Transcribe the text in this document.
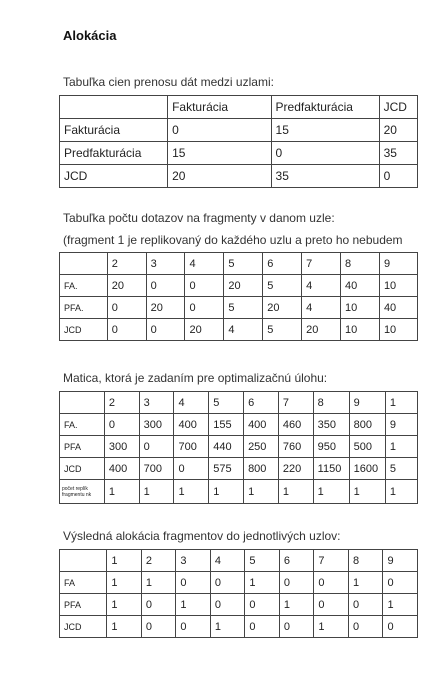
Alokácia

Tabuľka cien prenosu dát medzi uzlami:

	Fakturácia	Predfakturácia	JCD
Fakturácia	0	15	20
Predfakturácia	15	0	35
JCD	20	35	0

Tabuľka počtu dotazov na fragmenty v danom uzle:

(fragment 1 je replikovaný do každého uzlu a preto ho nebudem

	2	3	4	5	6	7	8	9
FA.	20	0	0	20	5	4	40	10
PFA.	0	20	0	5	20	4	10	40
JCD	0	0	20	4	5	20	10	10

Matica, ktorá je zadaním pre optimalizačnú úlohu:

	2	3	4	5	6	7	8	9	1
FA.	0	300	400	155	400	460	350	800	9
PFA	300	0	700	440	250	760	950	500	1
JCD	400	700	0	575	800	220	1150	1600	5
počet replík fragmentu nk	1	1	1	1	1	1	1	1	1

Výsledná alokácia fragmentov do jednotlivých uzlov:

	1	2	3	4	5	6	7	8	9
FA	1	1	0	0	1	0	0	1	0
PFA	1	0	1	0	0	1	0	0	1
JCD	1	0	0	1	0	0	1	0	0
